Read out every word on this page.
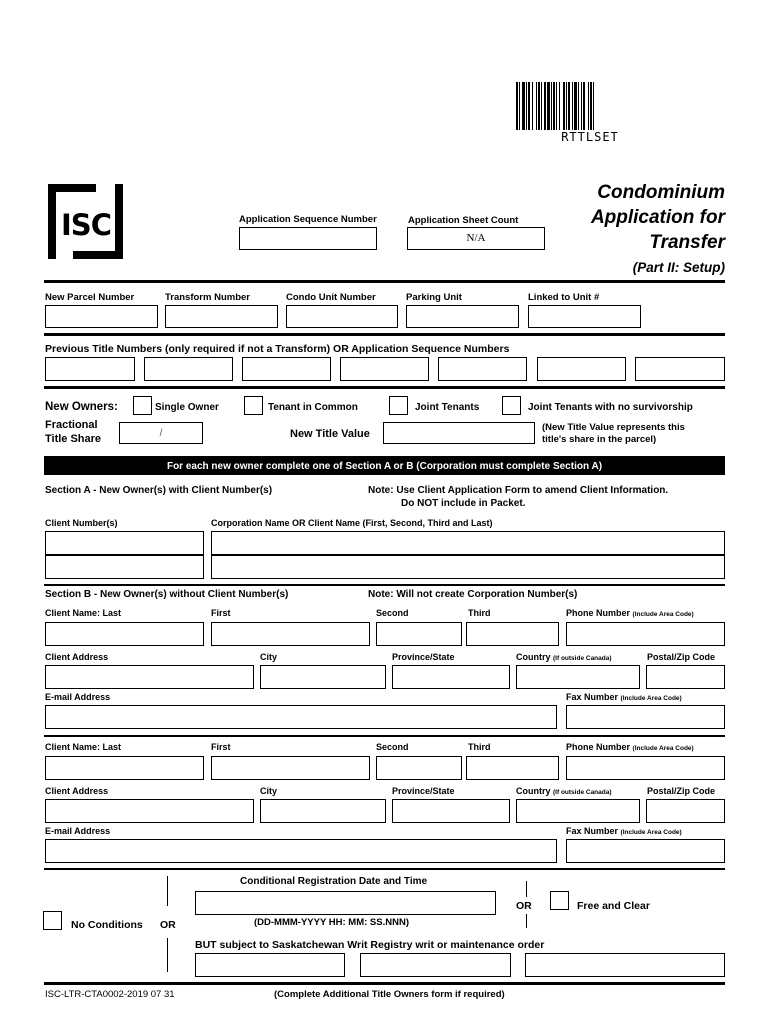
RTTLSET
ISC	Application Sequence Number	Application Sheet Count
N/A
Condominium
Application for
Transfer
(Part II: Setup)
New Parcel Number	Transform Number	Condo Unit Number	Parking Unit	Linked to Unit #
Previous Title Numbers (only required if not a Transform) OR Application Sequence Numbers
New Owners:	Single Owner	Tenant in Common	Joint Tenants	Joint Tenants with no survivorship
Fractional
Title Share	/	New Title Value
(New Title Value represents this
title's share in the parcel)
For each new owner complete one of Section A or B (Corporation must complete Section A)
Section A - New Owner(s) with Client Number(s)	Note: Use Client Application Form to amend Client Information.
Do NOT include in Packet.
Client Number(s)	Corporation Name OR Client Name (First, Second, Third and Last)
Section B - New Owner(s) without Client Number(s)	Note: Will not create Corporation Number(s)
Client Name: Last	First	Second	Third	Phone Number (Include Area Code)
Client Address	City	Province/State	Country (If outside Canada)	Postal/Zip Code
E-mail Address	Fax Number (Include Area Code)
Client Name: Last	First	Second	Third	Phone Number (Include Area Code)
Client Address	City	Province/State	Country (If outside Canada)	Postal/Zip Code
E-mail Address	Fax Number (Include Area Code)
No Conditions OR
Conditional Registration Date and Time
(DD-MMM-YYYY HH: MM: SS.NNN)
OR	Free and Clear
BUT subject to Saskatchewan Writ Registry writ or maintenance order
ISC-LTR-CTA0002-2019 07 31	(Complete Additional Title Owners form if required)
